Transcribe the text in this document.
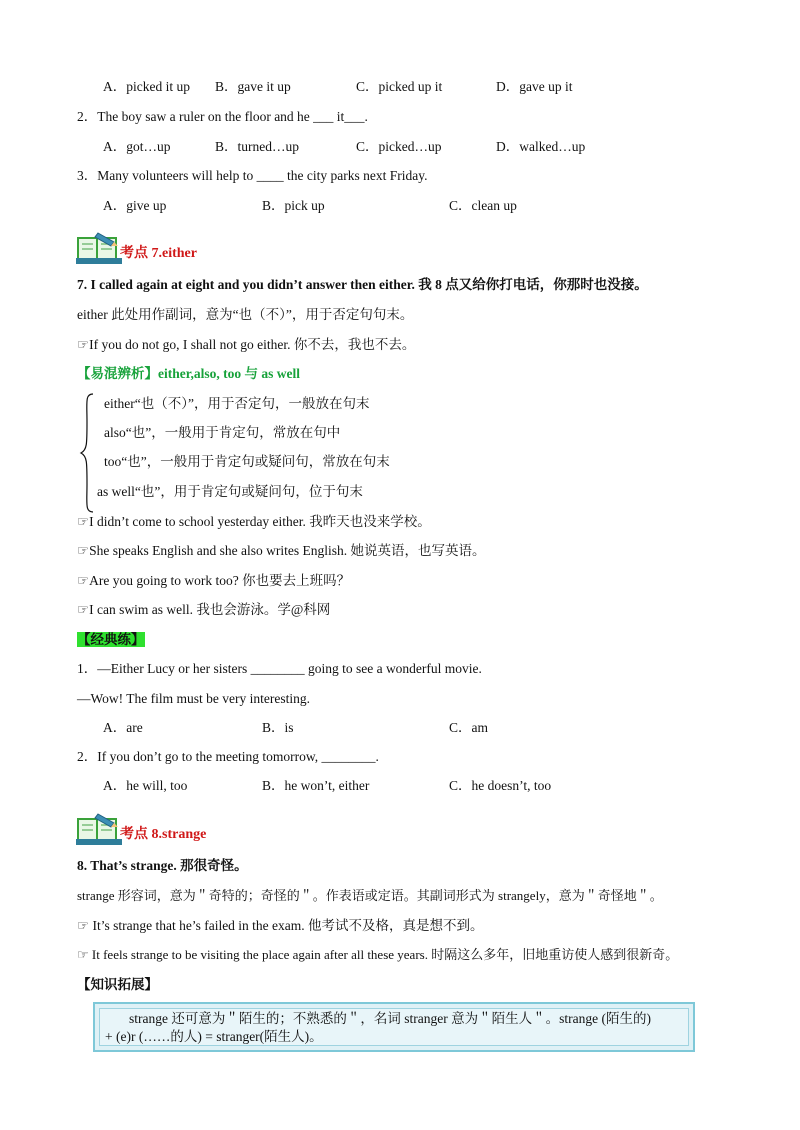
A．picked it up B．gave it up	C．picked up it	D．gave up it
2．The boy saw a ruler on the floor and he ___ it___.
A．got…up	B．turned…up	C．picked…up	D．walked…up
3．Many volunteers will help to ____ the city parks next Friday.
A．give up	B．pick up	C．clean up
考点 7.either
7. I called again at eight and you didn’t answer then either. 我 8 点又给你打电话，你那时也没接。
either 此处用作副词，意为“也（不）”，用于否定句句末。
☞If you do not go, I shall not go either. 你不去，我也不去。
【易混辨析】either,also, too 与 as well
either“也（不）”，用于否定句，一般放在句末
also“也”，一般用于肯定句，常放在句中
too“也”，一般用于肯定句或疑问句，常放在句末
as well“也”，用于肯定句或疑问句，位于句末
☞I didn’t come to school yesterday either. 我昨天也没来学校。
☞She speaks English and she also writes English. 她说英语，也写英语。
☞Are you going to work too? 你也要去上班吗？
☞I can swim as well. 我也会游泳。学@科网
【经典练】
1．—Either Lucy or her sisters ________ going to see a wonderful movie.
—Wow! The film must be very interesting.
A．are	B．is	C．am
2．If you don’t go to the meeting tomorrow, ________.
A．he will, too	B．he won’t, either	C．he doesn’t, too
考点 8.strange
8. That’s strange. 那很奇怪。
strange 形容词，意为＂奇特的；奇怪的＂。作表语或定语。其副词形式为 strangely，意为＂奇怪地＂。
☞ It’s strange that he’s failed in the exam. 他考试不及格，真是想不到。
☞ It feels strange to be visiting the place again after all these years. 时隔这么多年，旧地重访使人感到很新奇。
【知识拓展】
strange 还可意为＂陌生的；不熟悉的＂，名词 stranger 意为＂陌生人＂。strange (陌生的)
+ (e)r (……的人) = stranger(陌生人)。
